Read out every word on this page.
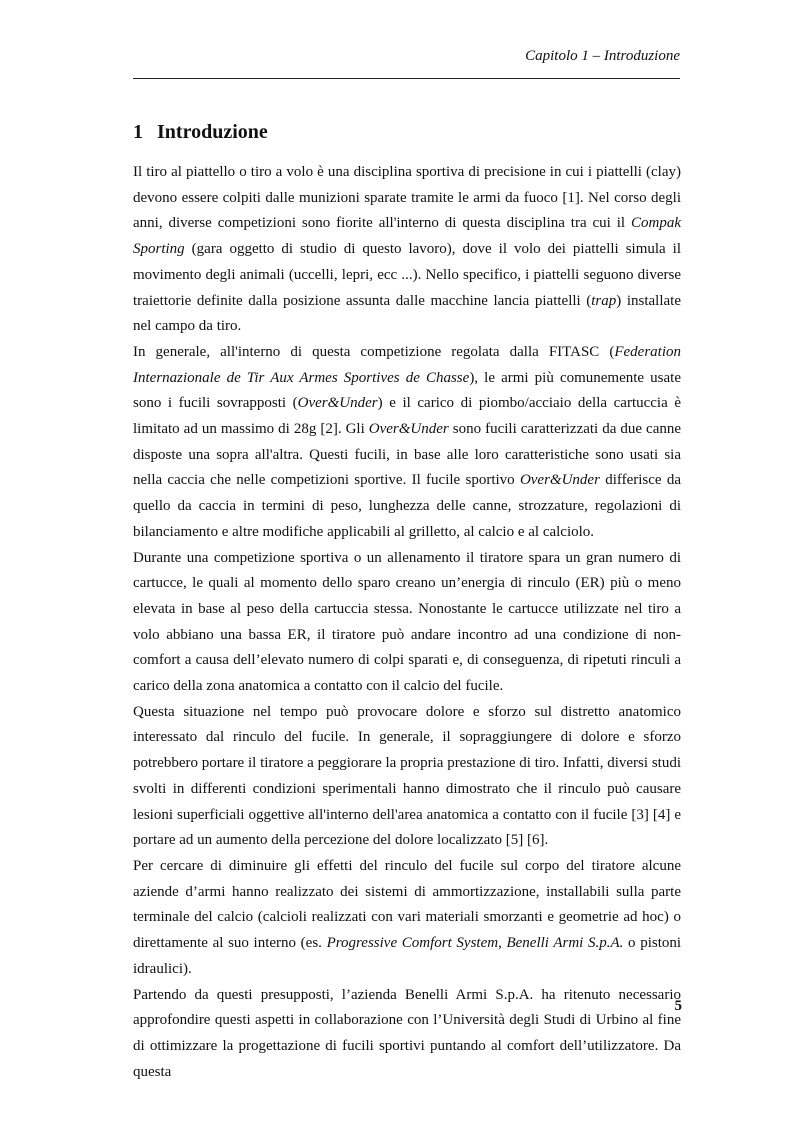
Capitolo 1 – Introduzione
1 Introduzione

Il tiro al piattello o tiro a volo è una disciplina sportiva di precisione in cui i piattelli (clay) devono essere colpiti dalle munizioni sparate tramite le armi da fuoco [1]. Nel corso degli anni, diverse competizioni sono fiorite all'interno di questa disciplina tra cui il Compak Sporting (gara oggetto di studio di questo lavoro), dove il volo dei piattelli simula il movimento degli animali (uccelli, lepri, ecc ...). Nello specifico, i piattelli seguono diverse traiettorie definite dalla posizione assunta dalle macchine lancia piattelli (trap) installate nel campo da tiro.

In generale, all'interno di questa competizione regolata dalla FITASC (Federation Internazionale de Tir Aux Armes Sportives de Chasse), le armi più comunemente usate sono i fucili sovrapposti (Over&Under) e il carico di piombo/acciaio della cartuccia è limitato ad un massimo di 28g [2]. Gli Over&Under sono fucili caratterizzati da due canne disposte una sopra all'altra. Questi fucili, in base alle loro caratteristiche sono usati sia nella caccia che nelle competizioni sportive. Il fucile sportivo Over&Under differisce da quello da caccia in termini di peso, lunghezza delle canne, strozzature, regolazioni di bilanciamento e altre modifiche applicabili al grilletto, al calcio e al calciolo.

Durante una competizione sportiva o un allenamento il tiratore spara un gran numero di cartucce, le quali al momento dello sparo creano un’energia di rinculo (ER) più o meno elevata in base al peso della cartuccia stessa. Nonostante le cartucce utilizzate nel tiro a volo abbiano una bassa ER, il tiratore può andare incontro ad una condizione di non-comfort a causa dell’elevato numero di colpi sparati e, di conseguenza, di ripetuti rinculi a carico della zona anatomica a contatto con il calcio del fucile.

Questa situazione nel tempo può provocare dolore e sforzo sul distretto anatomico interessato dal rinculo del fucile. In generale, il sopraggiungere di dolore e sforzo potrebbero portare il tiratore a peggiorare la propria prestazione di tiro. Infatti, diversi studi svolti in differenti condizioni sperimentali hanno dimostrato che il rinculo può causare lesioni superficiali oggettive all'interno dell'area anatomica a contatto con il fucile [3] [4] e portare ad un aumento della percezione del dolore localizzato [5] [6].

Per cercare di diminuire gli effetti del rinculo del fucile sul corpo del tiratore alcune aziende d’armi hanno realizzato dei sistemi di ammortizzazione, installabili sulla parte terminale del calcio (calcioli realizzati con vari materiali smorzanti e geometrie ad hoc) o direttamente al suo interno (es. Progressive Comfort System, Benelli Armi S.p.A. o pistoni idraulici).

Partendo da questi presupposti, l’azienda Benelli Armi S.p.A. ha ritenuto necessario approfondire questi aspetti in collaborazione con l’Università degli Studi di Urbino al fine di ottimizzare la progettazione di fucili sportivi puntando al comfort dell’utilizzatore. Da questa

5
